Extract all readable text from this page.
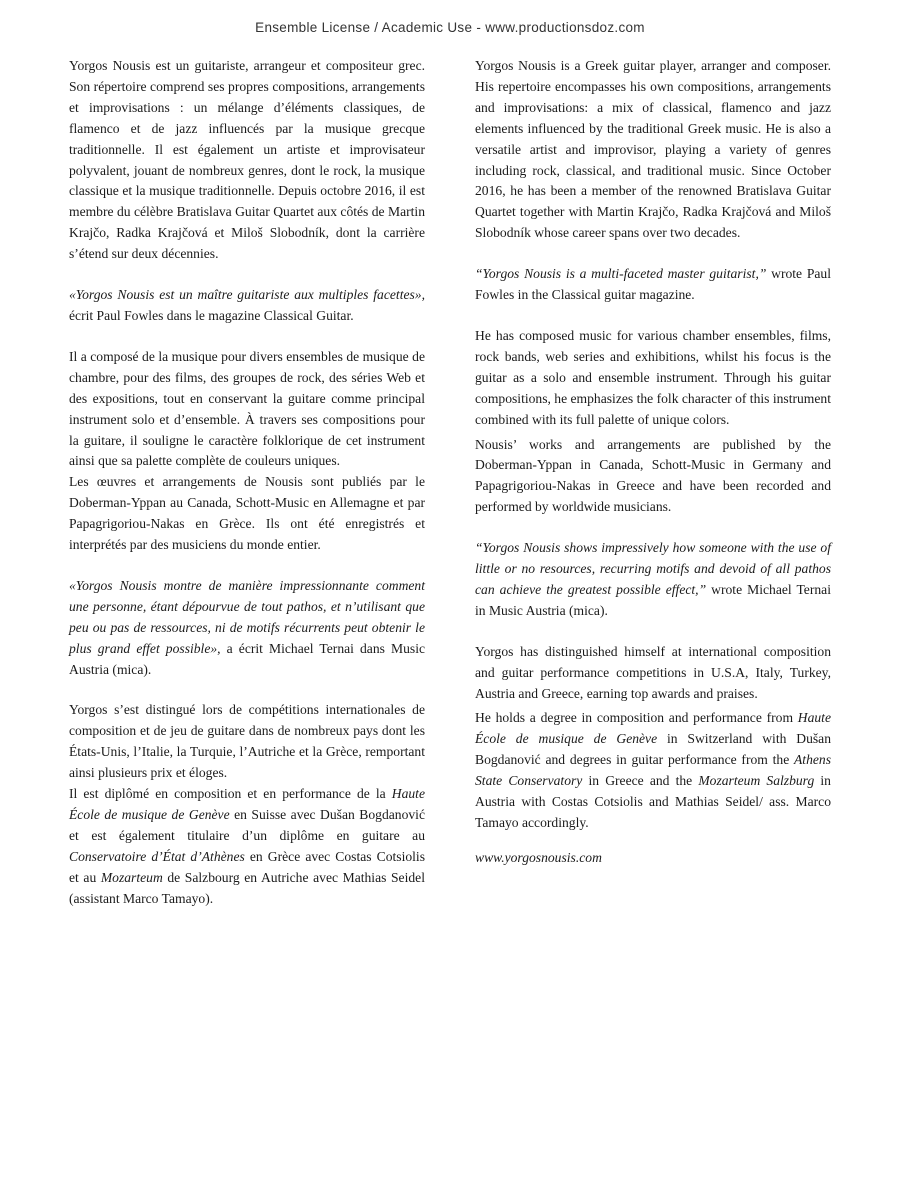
Ensemble License / Academic Use - www.productionsdoz.com

Yorgos Nousis est un guitariste, arrangeur et compositeur grec. Son répertoire comprend ses propres compositions, arrangements et improvisations : un mélange d’éléments classiques, de flamenco et de jazz influencés par la musique grecque traditionnelle. Il est également un artiste et improvisateur polyvalent, jouant de nombreux genres, dont le rock, la musique classique et la musique traditionnelle. Depuis octobre 2016, il est membre du célèbre Bratislava Guitar Quartet aux côtés de Martin Krajčo, Radka Krajčová et Miloš Slobodník, dont la carrière s’étend sur deux décennies.

«Yorgos Nousis est un maître guitariste aux multiples facettes», écrit Paul Fowles dans le magazine Classical Guitar.

Il a composé de la musique pour divers ensembles de musique de chambre, pour des films, des groupes de rock, des séries Web et des expositions, tout en conservant la guitare comme principal instrument solo et d’ensemble. À travers ses compositions pour la guitare, il souligne le caractère folklorique de cet instrument ainsi que sa palette complète de couleurs uniques.

Les œuvres et arrangements de Nousis sont publiés par le Doberman-Yppan au Canada, Schott-Music en Allemagne et par Papagrigoriou-Nakas en Grèce. Ils ont été enregistrés et interprétés par des musiciens du monde entier.

«Yorgos Nousis montre de manière impressionnante comment une personne, étant dépourvue de tout pathos, et n’utilisant que peu ou pas de ressources, ni de motifs récurrents peut obtenir le plus grand effet possible», a écrit Michael Ternai dans Music Austria (mica).

Yorgos s’est distingué lors de compétitions internationales de composition et de jeu de guitare dans de nombreux pays dont les États-Unis, l’Italie, la Turquie, l’Autriche et la Grèce, remportant ainsi plusieurs prix et éloges.

Il est diplômé en composition et en performance de la Haute École de musique de Genève en Suisse avec Dušan Bogdanović et est également titulaire d’un diplôme en guitare au Conservatoire d’État d’Athènes en Grèce avec Costas Cotsiolis et au Mozarteum de Salzbourg en Autriche avec Mathias Seidel (assistant Marco Tamayo).

Yorgos Nousis is a Greek guitar player, arranger and composer. His repertoire encompasses his own compositions, arrangements and improvisations: a mix of classical, flamenco and jazz elements influenced by the traditional Greek music. He is also a versatile artist and improvisor, playing a variety of genres including rock, classical, and traditional music. Since October 2016, he has been a member of the renowned Bratislava Guitar Quartet together with Martin Krajčo, Radka Krajčová and Miloš Slobodník whose career spans over two decades.

“Yorgos Nousis is a multi-faceted master guitarist,” wrote Paul Fowles in the Classical guitar magazine.

He has composed music for various chamber ensembles, films, rock bands, web series and exhibitions, whilst his focus is the guitar as a solo and ensemble instrument. Through his guitar compositions, he emphasizes the folk character of this instrument combined with its full palette of unique colors.

Nousis’ works and arrangements are published by the Doberman-Yppan in Canada, Schott-Music in Germany and Papagrigoriou-Nakas in Greece and have been recorded and performed by worldwide musicians.

“Yorgos Nousis shows impressively how someone with the use of little or no resources, recurring motifs and devoid of all pathos can achieve the greatest possible effect,” wrote Michael Ternai in Music Austria (mica).

Yorgos has distinguished himself at international composition and guitar performance competitions in U.S.A, Italy, Turkey, Austria and Greece, earning top awards and praises.

He holds a degree in composition and performance from Haute École de musique de Genève in Switzerland with Dušan Bogdanović and degrees in guitar performance from the Athens State Conservatory in Greece and the Mozarteum Salzburg in Austria with Costas Cotsiolis and Mathias Seidel/ ass. Marco Tamayo accordingly.

www.yorgosnousis.com
